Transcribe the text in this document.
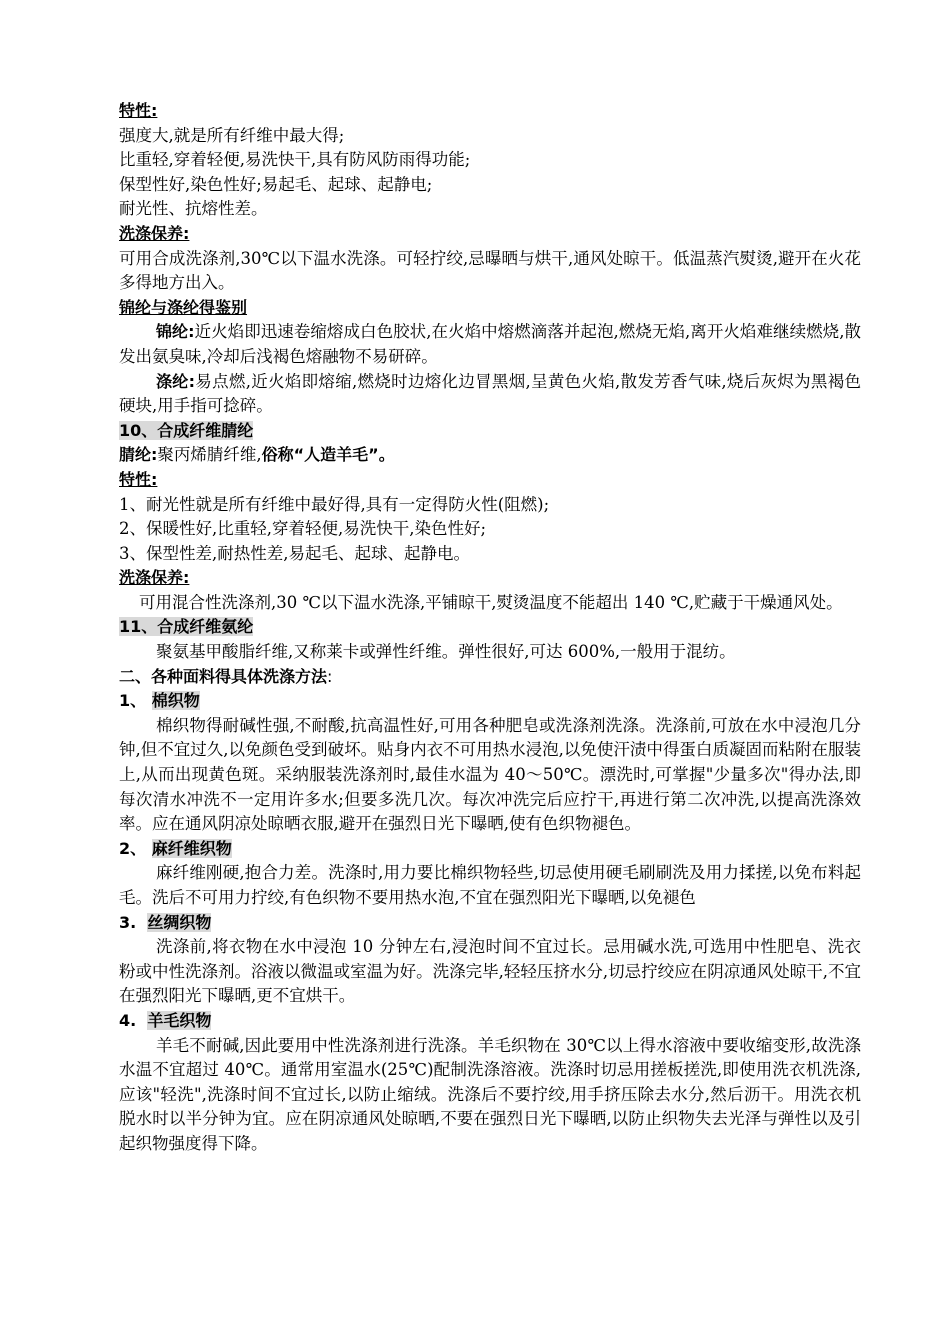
特性:

强度大,就是所有纤维中最大得;

比重轻,穿着轻便,易洗快干,具有防风防雨得功能;

保型性好,染色性好;易起毛、起球、起静电;

耐光性、抗熔性差。

洗涤保养:

可用合成洗涤剂,30℃以下温水洗涤。可轻拧绞,忌曝晒与烘干,通风处晾干。低温蒸汽熨烫,避开在火花多得地方出入。

锦纶与涤纶得鉴别

锦纶:近火焰即迅速卷缩熔成白色胶状,在火焰中熔燃滴落并起泡,燃烧无焰,离开火焰难继续燃烧,散发出氨臭味,冷却后浅褐色熔融物不易研碎。

涤纶:易点燃,近火焰即熔缩,燃烧时边熔化边冒黑烟,呈黄色火焰,散发芳香气味,烧后灰烬为黑褐色硬块,用手指可捻碎。

10、合成纤维腈纶

腈纶:聚丙烯腈纤维,俗称“人造羊毛”。

特性:

1、耐光性就是所有纤维中最好得,具有一定得防火性(阻燃);

2、保暖性好,比重轻,穿着轻便,易洗快干,染色性好;

3、保型性差,耐热性差,易起毛、起球、起静电。

洗涤保养:

可用混合性洗涤剂,30 ℃以下温水洗涤,平铺晾干,熨烫温度不能超出 140 ℃,贮藏于干燥通风处。

11、合成纤维氨纶

聚氨基甲酸脂纤维,又称莱卡或弹性纤维。弹性很好,可达 600%,一般用于混纺。

二、各种面料得具体洗涤方法:

1、 棉织物

棉织物得耐碱性强,不耐酸,抗高温性好,可用各种肥皂或洗涤剂洗涤。洗涤前,可放在水中浸泡几分钟,但不宜过久,以免颜色受到破坏。贴身内衣不可用热水浸泡,以免使汗渍中得蛋白质凝固而粘附在服装上,从而出现黄色斑。采纳服装洗涤剂时,最佳水温为 40～50℃。漂洗时,可掌握"少量多次"得办法,即每次清水冲洗不一定用许多水;但要多洗几次。每次冲洗完后应拧干,再进行第二次冲洗,以提高洗涤效率。应在通风阴凉处晾晒衣服,避开在强烈日光下曝晒,使有色织物褪色。

2、 麻纤维织物

麻纤维刚硬,抱合力差。洗涤时,用力要比棉织物轻些,切忌使用硬毛刷刷洗及用力揉搓,以免布料起毛。洗后不可用力拧绞,有色织物不要用热水泡,不宜在强烈阳光下曝晒,以免褪色

3. 丝绸织物

洗涤前,将衣物在水中浸泡 10 分钟左右,浸泡时间不宜过长。忌用碱水洗,可选用中性肥皂、洗衣粉或中性洗涤剂。浴液以微温或室温为好。洗涤完毕,轻轻压挤水分,切忌拧绞应在阴凉通风处晾干,不宜在强烈阳光下曝晒,更不宜烘干。

4. 羊毛织物

羊毛不耐碱,因此要用中性洗涤剂进行洗涤。羊毛织物在 30℃以上得水溶液中要收缩变形,故洗涤水温不宜超过 40℃。通常用室温水(25℃)配制洗涤溶液。洗涤时切忌用搓板搓洗,即使用洗衣机洗涤,应该"轻洗",洗涤时间不宜过长,以防止缩绒。洗涤后不要拧绞,用手挤压除去水分,然后沥干。用洗衣机脱水时以半分钟为宜。应在阴凉通风处晾晒,不要在强烈日光下曝晒,以防止织物失去光泽与弹性以及引起织物强度得下降。
